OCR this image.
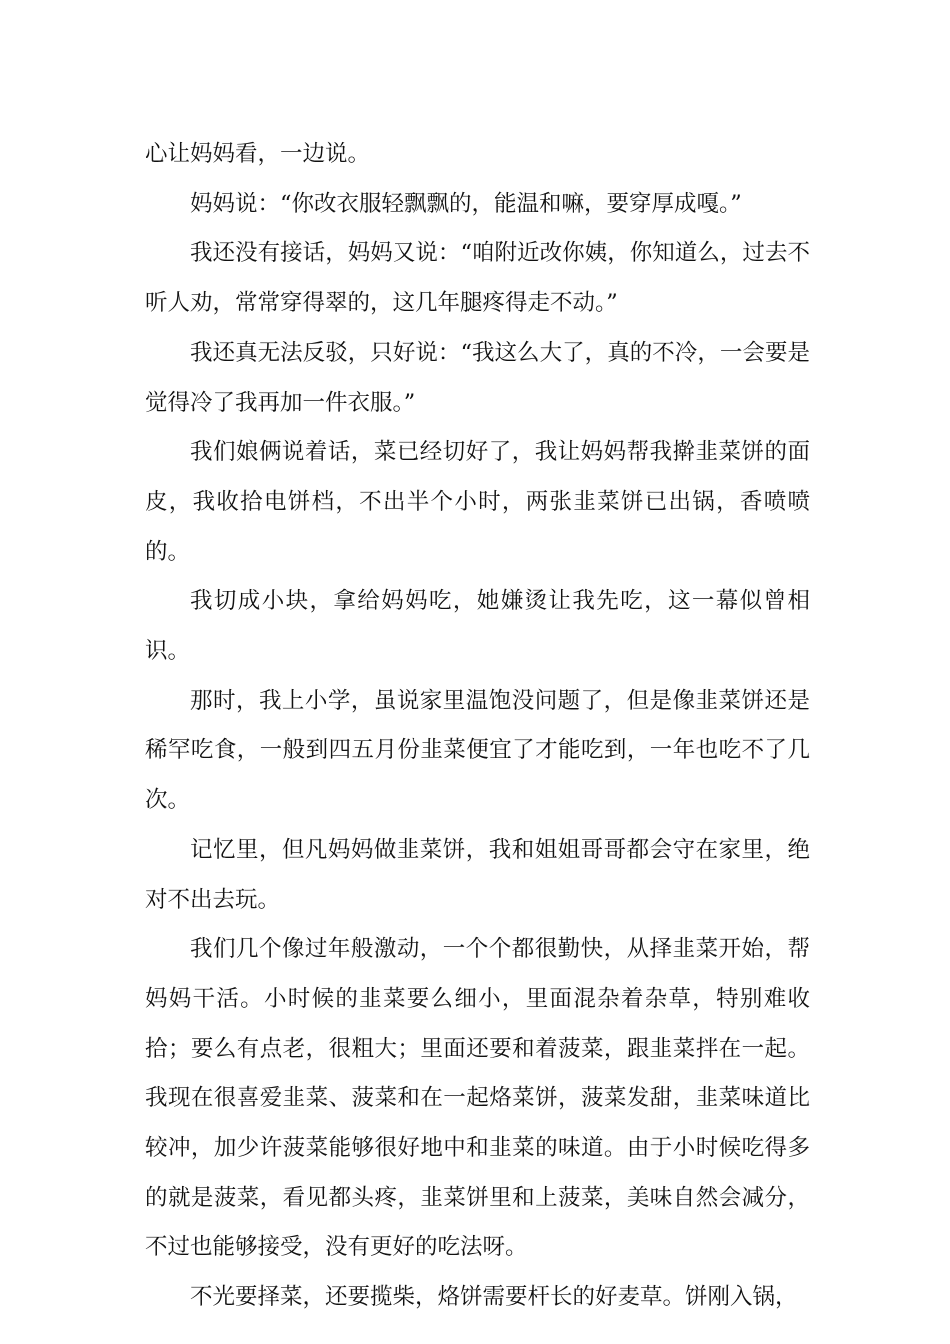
心让妈妈看，一边说。

妈妈说：“你改衣服轻飘飘的，能温和嘛，要穿厚成嘎。”

我还没有接话，妈妈又说：“咱附近改你姨，你知道么，过去不听人劝，常常穿得翠的，这几年腿疼得走不动。”

我还真无法反驳，只好说：“我这么大了，真的不冷，一会要是觉得冷了我再加一件衣服。”

我们娘俩说着话，菜已经切好了，我让妈妈帮我擀韭菜饼的面皮，我收拾电饼档，不出半个小时，两张韭菜饼已出锅，香喷喷的。

我切成小块，拿给妈妈吃，她嫌烫让我先吃，这一幕似曾相识。

那时，我上小学，虽说家里温饱没问题了，但是像韭菜饼还是稀罕吃食，一般到四五月份韭菜便宜了才能吃到，一年也吃不了几次。

记忆里，但凡妈妈做韭菜饼，我和姐姐哥哥都会守在家里，绝对不出去玩。

我们几个像过年般激动，一个个都很勤快，从择韭菜开始，帮妈妈干活。小时候的韭菜要么细小，里面混杂着杂草，特别难收拾；要么有点老，很粗大；里面还要和着菠菜，跟韭菜拌在一起。我现在很喜爱韭菜、菠菜和在一起烙菜饼，菠菜发甜，韭菜味道比较冲，加少许菠菜能够很好地中和韭菜的味道。由于小时候吃得多的就是菠菜，看见都头疼，韭菜饼里和上菠菜，美味自然会减分，不过也能够接受，没有更好的吃法呀。

不光要择菜，还要揽柴，烙饼需要杆长的好麦草。饼刚入锅，
